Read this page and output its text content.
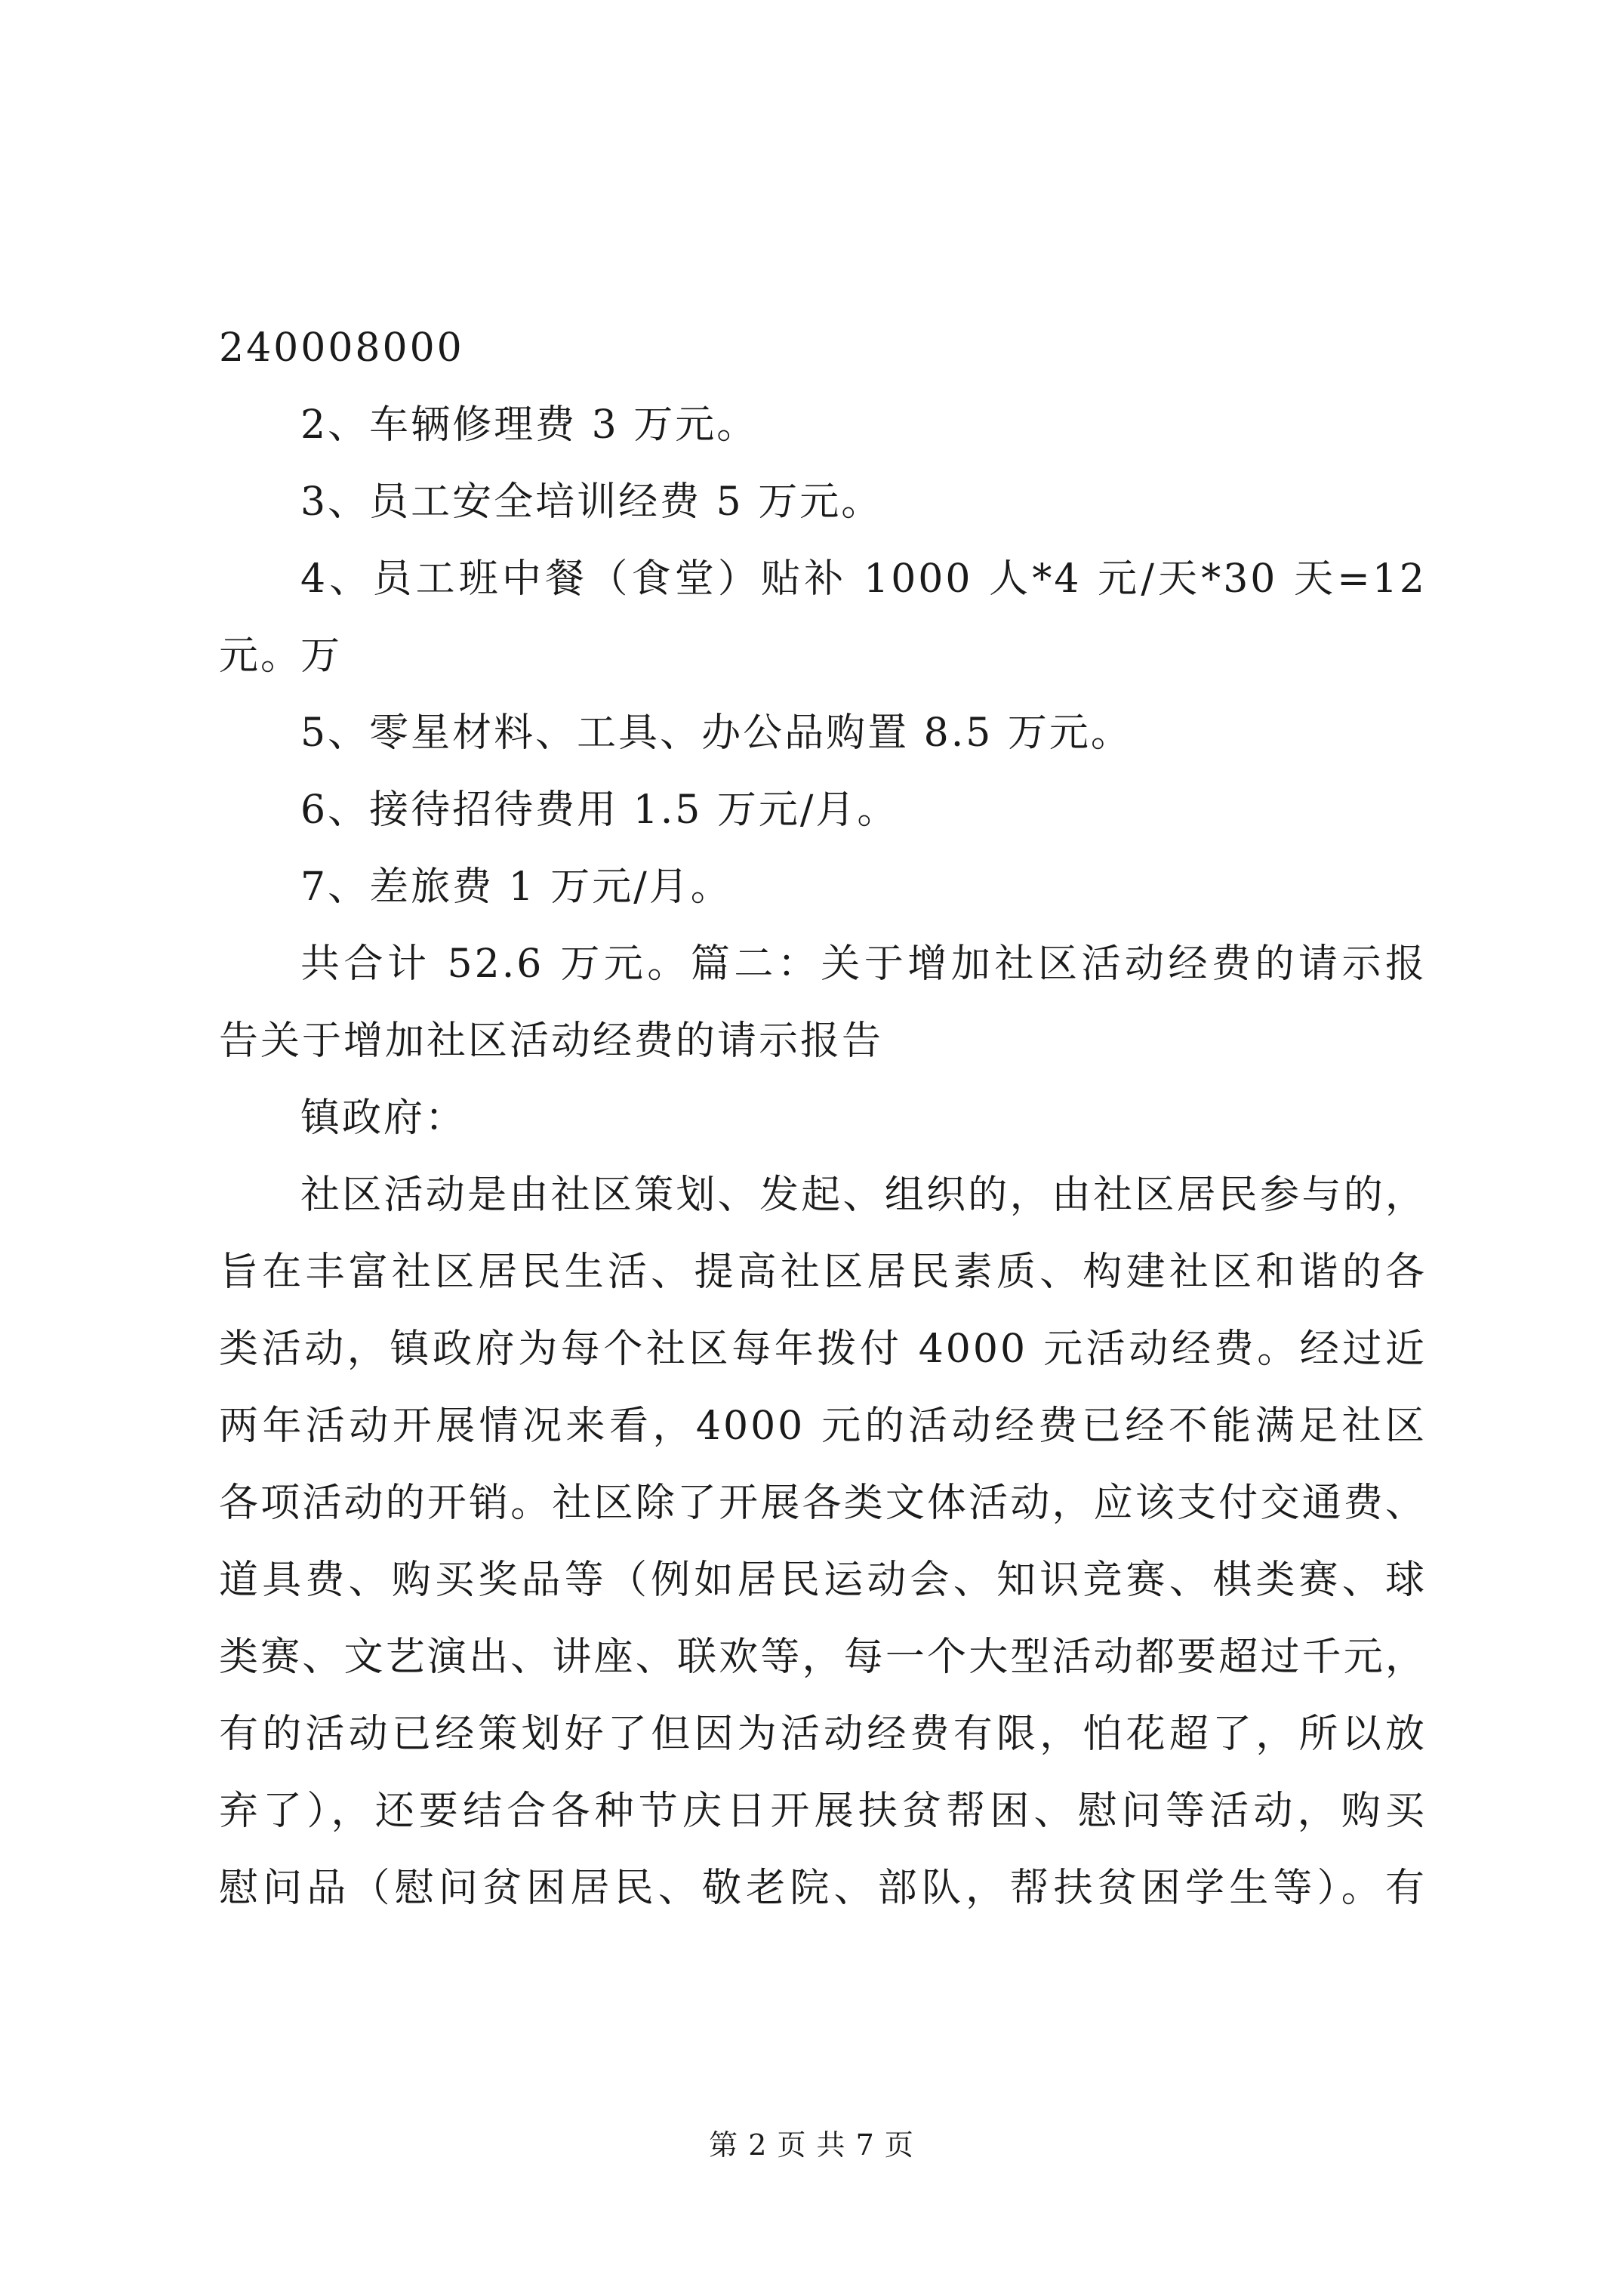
240008000
2、车辆修理费 3 万元。
3、员工安全培训经费 5 万元。
4、员工班中餐（食堂）贴补 1000 人*4 元/天*30 天=12 万
元。
5、零星材料、工具、办公品购置 8.5 万元。
6、接待招待费用 1.5 万元/月。
7、差旅费 1 万元/月。
共合计 52.6 万元。篇二：关于增加社区活动经费的请示报
告关于增加社区活动经费的请示报告
镇政府：
社区活动是由社区策划、发起、组织的，由社区居民参与的，
旨在丰富社区居民生活、提高社区居民素质、构建社区和谐的各
类活动，镇政府为每个社区每年拨付 4000 元活动经费。经过近
两年活动开展情况来看，4000 元的活动经费已经不能满足社区
各项活动的开销。社区除了开展各类文体活动，应该支付交通费、
道具费、购买奖品等（例如居民运动会、知识竞赛、棋类赛、球
类赛、文艺演出、讲座、联欢等，每一个大型活动都要超过千元，
有的活动已经策划好了但因为活动经费有限，怕花超了，所以放
弃了），还要结合各种节庆日开展扶贫帮困、慰问等活动，购买
慰问品（慰问贫困居民、敬老院、部队，帮扶贫困学生等）。有
第 2 页 共 7 页
